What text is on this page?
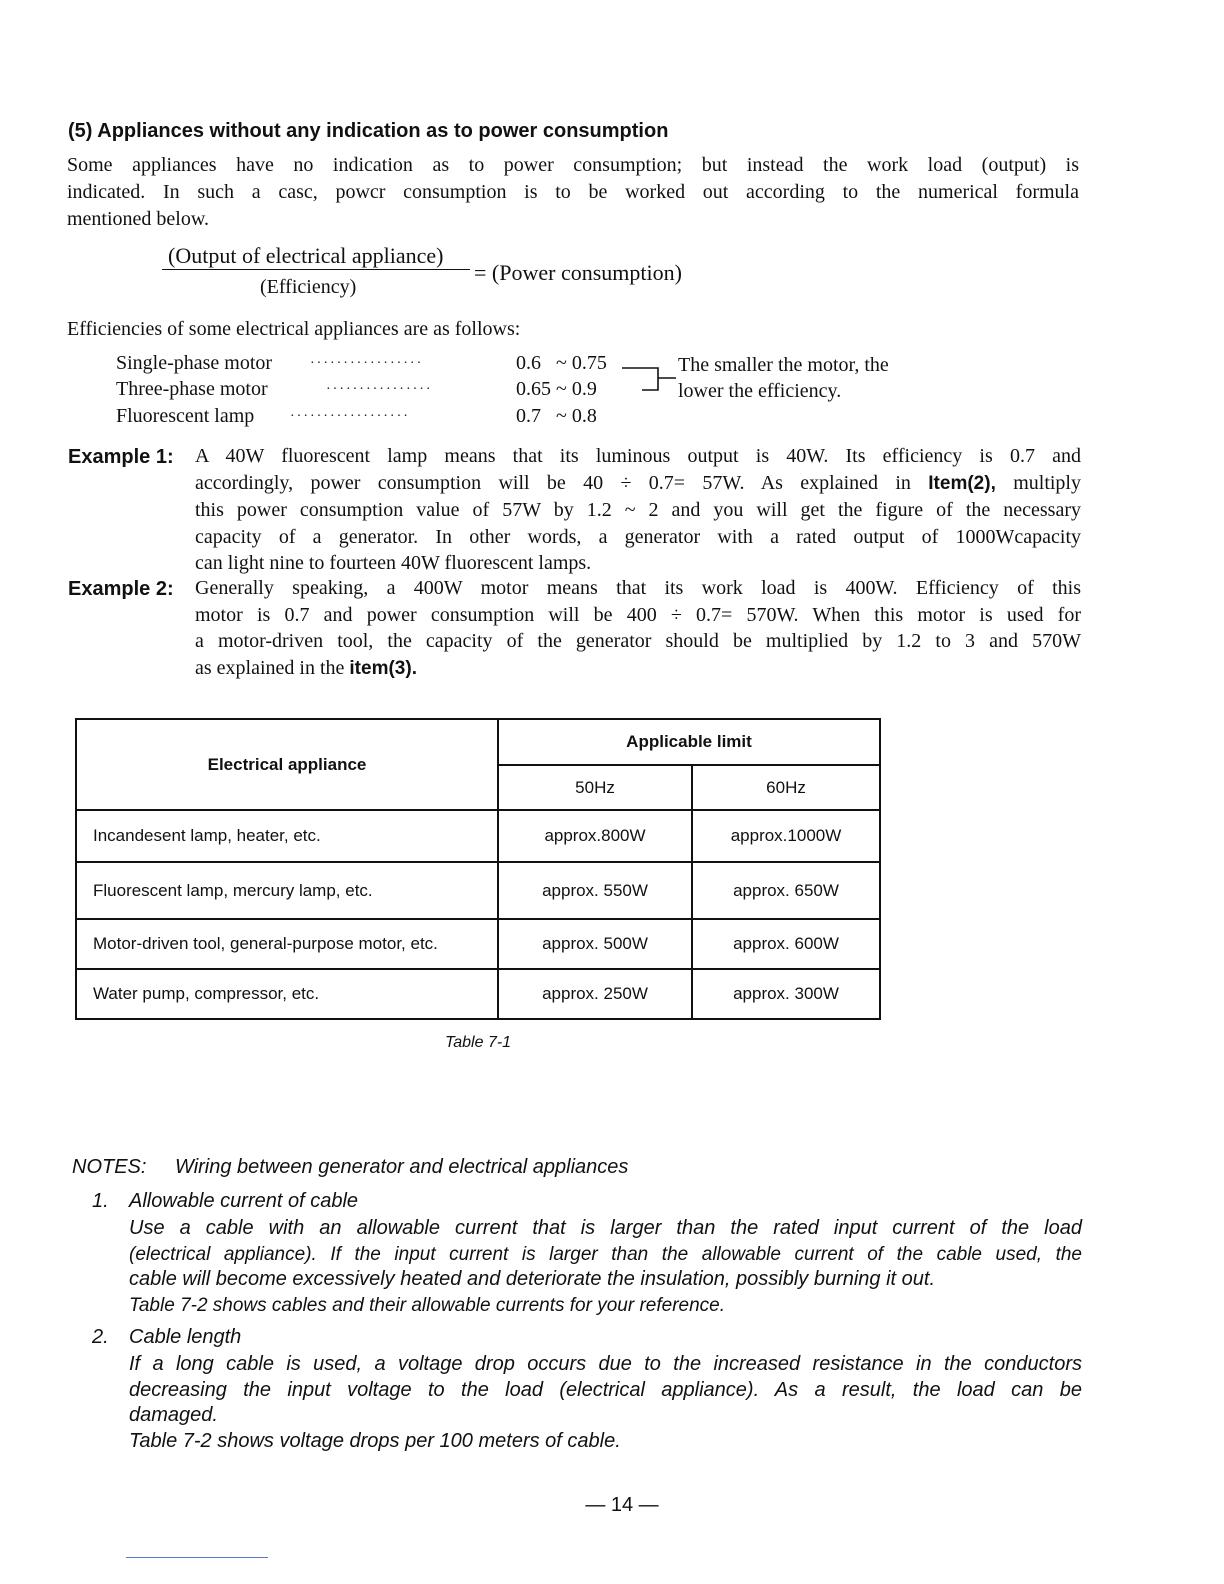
(5) Appliances without any indication as to power consumption
Some appliances have no indication as to power consumption; but instead the work load (output) is
indicated. In such a casc, powcr consumption is to be worked out according to the numerical formula
mentioned below.
(Output of electrical appliance)
(Efficiency)
= (Power consumption)
Efficiencies of some electrical appliances are as follows:
Single-phase motor	·················	0.6   ~ 0.75
Three-phase motor	················	0.65 ~ 0.9
Fluorescent lamp	··················	0.7   ~ 0.8
The smaller the motor, the
lower the efficiency.
Example 1: A 40W fluorescent lamp means that its luminous output is 40W. Its efficiency is 0.7 and
accordingly, power consumption will be 40 ÷ 0.7= 57W. As explained in Item(2), multiply
this power consumption value of 57W by 1.2 ~ 2 and you will get the figure of the necessary
capacity of a generator. In other words, a generator with a rated output of 1000Wcapacity
can light nine to fourteen 40W fluorescent lamps.
Example 2: Generally speaking, a 400W motor means that its work load is 400W. Efficiency of this
motor is 0.7 and power consumption will be 400 ÷ 0.7= 570W. When this motor is used for
a motor-driven tool, the capacity of the generator should be multiplied by 1.2 to 3 and 570W
as explained in the item(3).
Electrical appliance	Applicable limit	
	50Hz	60Hz
Incandesent lamp, heater, etc.	approx.800W	approx.1000W
Fluorescent lamp, mercury lamp, etc.	approx. 550W	approx. 650W
Motor-driven tool, general-purpose motor, etc.	approx. 500W	approx. 600W
Water pump, compressor, etc.	approx. 250W	approx. 300W
Table 7-1
NOTES: Wiring between generator and electrical appliances
1. Allowable current of cable
Use a cable with an allowable current that is larger than the rated input current of the load
(electrical appliance). If the input current is larger than the allowable current of the cable used, the
cable will become excessively heated and deteriorate the insulation, possibly burning it out.
Table 7-2 shows cables and their allowable currents for your reference.
2. Cable length
If a long cable is used, a voltage drop occurs due to the increased resistance in the conductors
decreasing the input voltage to the load (electrical appliance). As a result, the load can be
damaged.
Table 7-2 shows voltage drops per 100 meters of cable.
— 14 —
